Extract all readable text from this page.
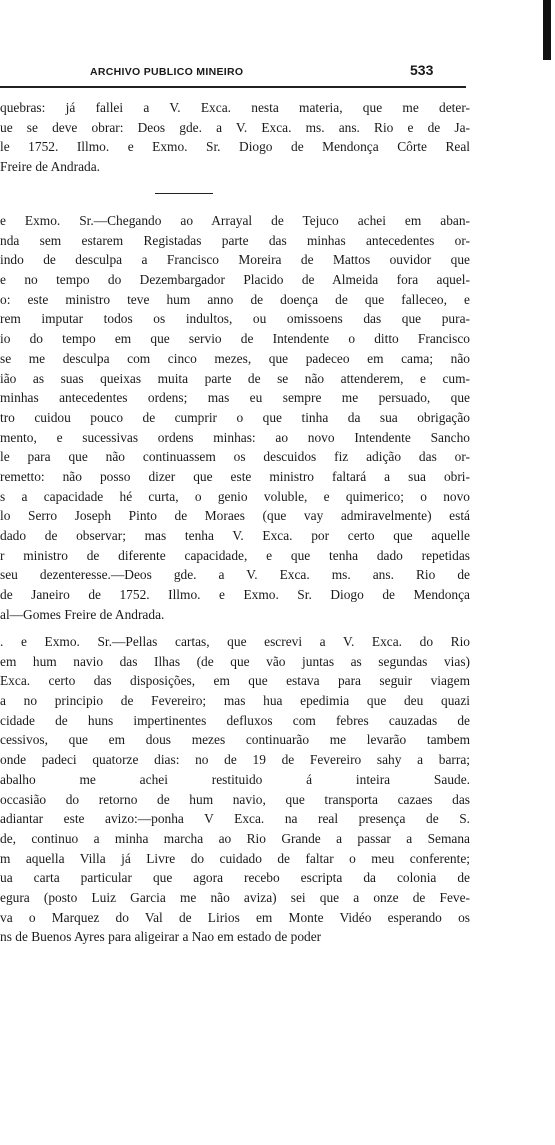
ARCHIVO PUBLICO MINEIRO	533
quebras: já fallei a V. Exca. nesta materia, que me deter-
ue se deve obrar: Deos gde. a V. Exca. ms. ans. Rio e de Ja-
le 1752. Illmo. e Exmo. Sr. Diogo de Mendonça Côrte Real
Freire de Andrada.
e Exmo. Sr.—Chegando ao Arrayal de Tejuco achei em aban-
nda sem estarem Registadas parte das minhas antecedentes or-
indo de desculpa a Francisco Moreira de Mattos ouvidor que
e no tempo do Dezembargador Placido de Almeida fora aquel-
o: este ministro teve hum anno de doença de que falleceo, e
rem imputar todos os indultos, ou omissoens das que pura-
io do tempo em que servio de Intendente o ditto Francisco
se me desculpa com cinco mezes, que padeceo em cama; não
ião as suas queixas muita parte de se não attenderem, e cum-
minhas antecedentes ordens; mas eu sempre me persuado, que
tro cuidou pouco de cumprir o que tinha da sua obrigação
mento, e sucessivas ordens minhas: ao novo Intendente Sancho
le para que não continuassem os descuidos fiz adição das or-
remetto: não posso dizer que este ministro faltará a sua obri-
s a capacidade hé curta, o genio voluble, e quimerico; o novo
lo Serro Joseph Pinto de Moraes (que vay admiravelmente) está
dado de observar; mas tenha V. Exca. por certo que aquelle
r ministro de diferente capacidade, e que tenha dado repetidas
seu dezenteresse.—Deos gde. a V. Exca. ms. ans. Rio de
de Janeiro de 1752. Illmo. e Exmo. Sr. Diogo de Mendonça
al—Gomes Freire de Andrada.
. e Exmo. Sr.—Pellas cartas, que escrevi a V. Exca. do Rio
em hum navio das Ilhas (de que vão juntas as segundas vias)
Exca. certo das disposições, em que estava para seguir viagem
a no principio de Fevereiro; mas hua epedimia que deu quazi
cidade de huns impertinentes defluxos com febres cauzadas de
cessivos, que em dous mezes continuarão me levarão tambem
onde padeci quatorze dias: no de 19 de Fevereiro sahy a barra;
abalho me achei restituido á inteira Saude.
occasião do retorno de hum navio, que transporta cazaes das
adiantar este avizo:—ponha V Exca. na real presença de S.
de, continuo a minha marcha ao Rio Grande a passar a Semana
m aquella Villa já Livre do cuidado de faltar o meu conferente;
ua carta particular que agora recebo escripta da colonia de
egura (posto Luiz Garcia me não aviza) sei que a onze de Feve-
va o Marquez do Val de Lirios em Monte Vidéo esperando os
ns de Buenos Ayres para aligeirar a Nao em estado de poder
